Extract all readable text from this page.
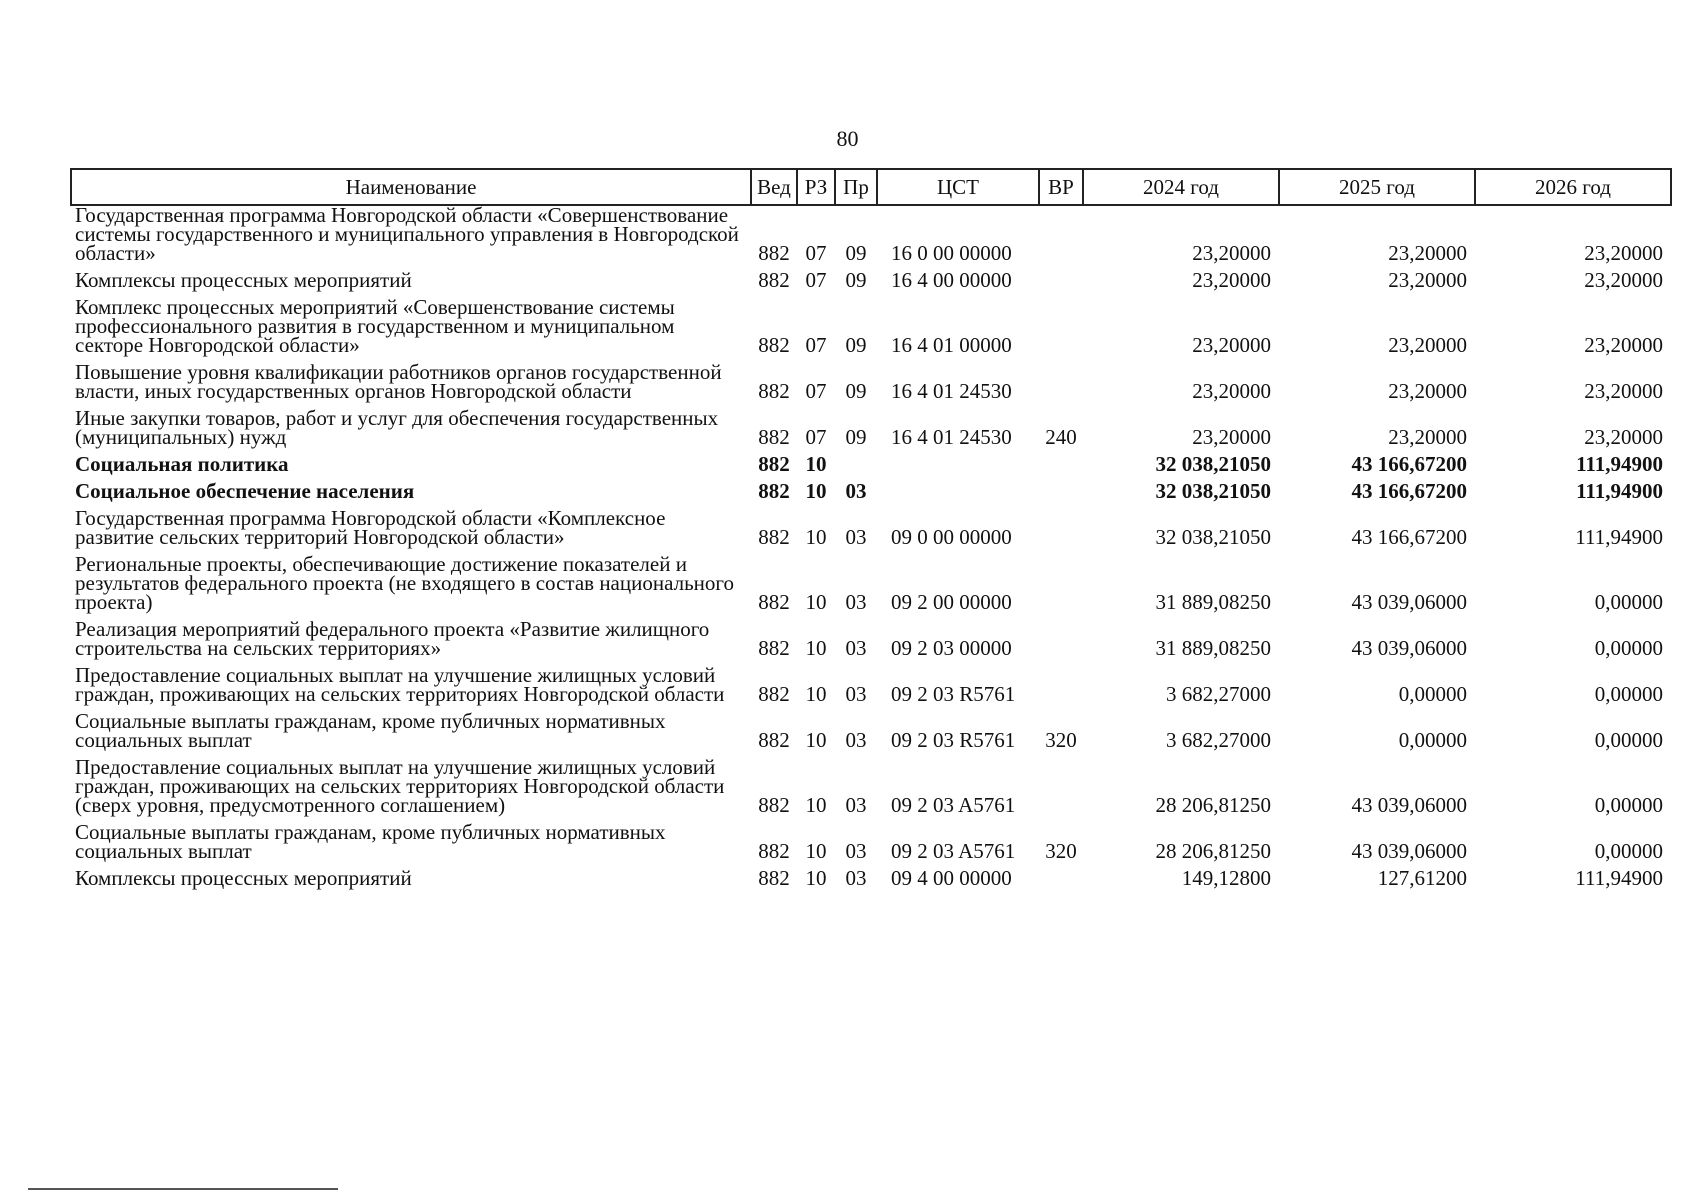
80
Наименование	Вед	РЗ	Пр	ЦСТ	ВР	2024 год	2025 год	2026 год
Государственная программа Новгородской области «Совершенствование системы государственного и муниципального управления в Новгородской области»	882	07	09	16 0 00 00000		23,20000	23,20000	23,20000
Комплексы процессных мероприятий	882	07	09	16 4 00 00000		23,20000	23,20000	23,20000
Комплекс процессных мероприятий «Совершенствование системы профессионального развития в государственном и муниципальном секторе Новгородской области»	882	07	09	16 4 01 00000		23,20000	23,20000	23,20000
Повышение уровня квалификации работников органов государственной власти, иных государственных органов Новгородской области	882	07	09	16 4 01 24530		23,20000	23,20000	23,20000
Иные закупки товаров, работ и услуг для обеспечения государственных (муниципальных) нужд	882	07	09	16 4 01 24530	240	23,20000	23,20000	23,20000
Социальная политика	882	10				32 038,21050	43 166,67200	111,94900
Социальное обеспечение населения	882	10	03			32 038,21050	43 166,67200	111,94900
Государственная программа Новгородской области «Комплексное развитие сельских территорий Новгородской области»	882	10	03	09 0 00 00000		32 038,21050	43 166,67200	111,94900
Региональные проекты, обеспечивающие достижение показателей и результатов федерального проекта (не входящего в состав национального проекта)	882	10	03	09 2 00 00000		31 889,08250	43 039,06000	0,00000
Реализация мероприятий федерального проекта «Развитие жилищного строительства на сельских территориях»	882	10	03	09 2 03 00000		31 889,08250	43 039,06000	0,00000
Предоставление социальных выплат на улучшение жилищных условий граждан, проживающих на сельских территориях Новгородской области	882	10	03	09 2 03 R5761		3 682,27000	0,00000	0,00000
Социальные выплаты гражданам, кроме публичных нормативных социальных выплат	882	10	03	09 2 03 R5761	320	3 682,27000	0,00000	0,00000
Предоставление социальных выплат на улучшение жилищных условий граждан, проживающих на сельских территориях Новгородской области (сверх уровня, предусмотренного соглашением)	882	10	03	09 2 03 A5761		28 206,81250	43 039,06000	0,00000
Социальные выплаты гражданам, кроме публичных нормативных социальных выплат	882	10	03	09 2 03 A5761	320	28 206,81250	43 039,06000	0,00000
Комплексы процессных мероприятий	882	10	03	09 4 00 00000		149,12800	127,61200	111,94900
